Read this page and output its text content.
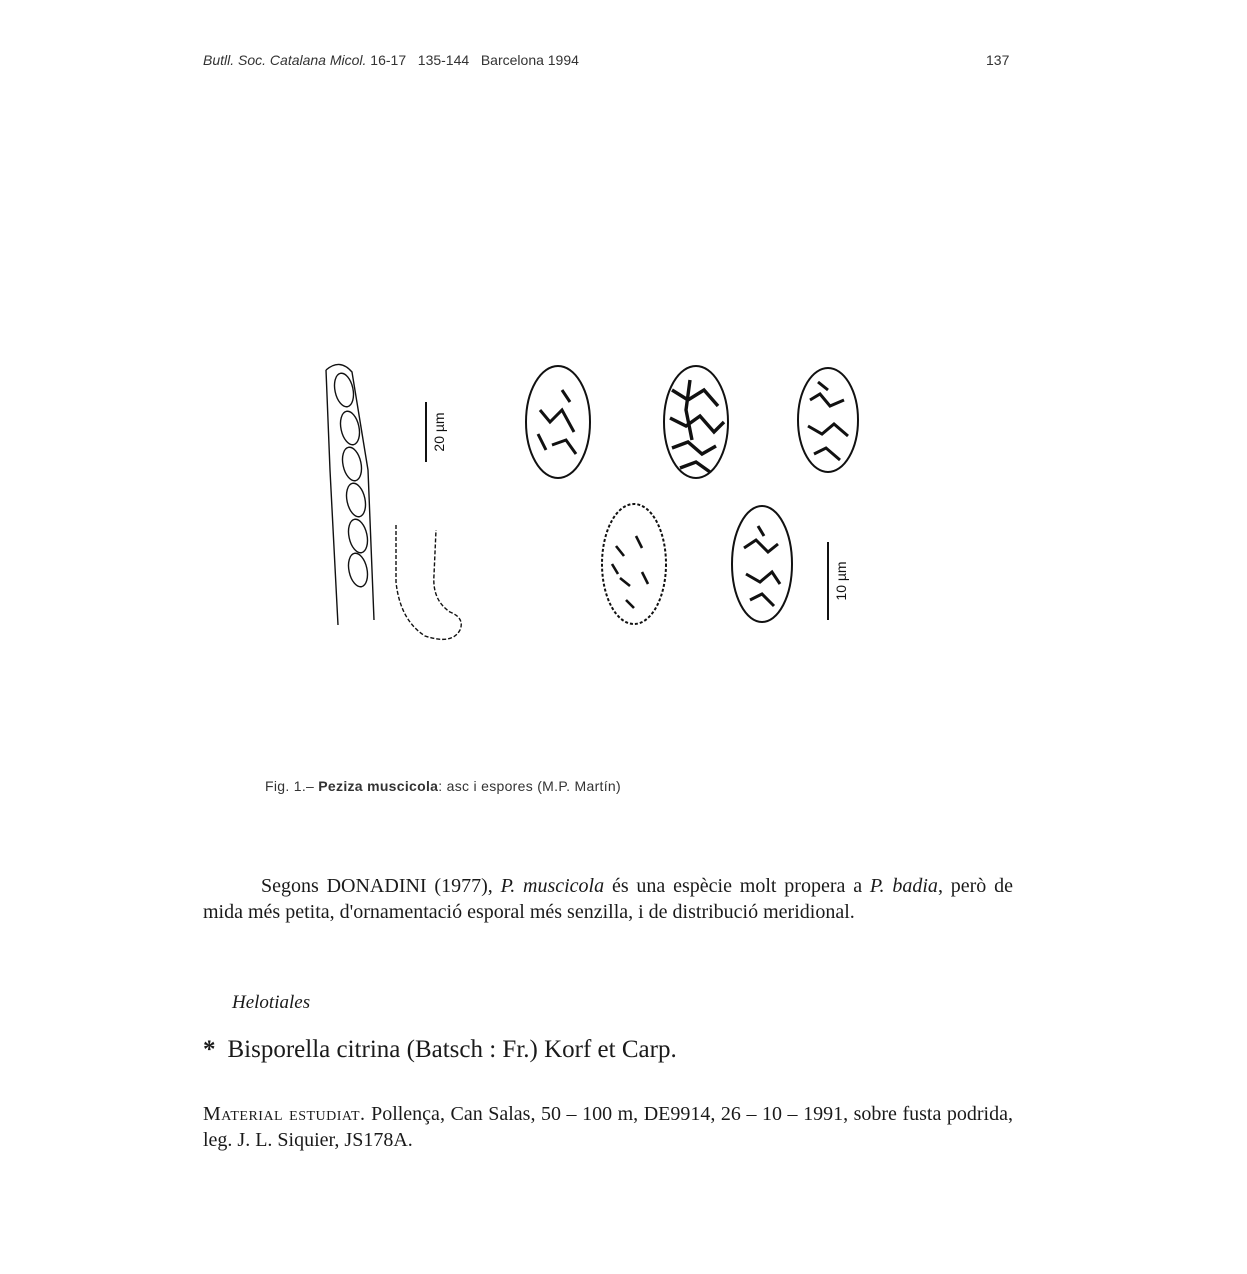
Butll. Soc. Catalana Micol. 16-17 135-144 Barcelona 1994	137
20 µm
10 µm
Fig. 1.– Peziza muscicola: asc i espores (M.P. Martín)
Segons DONADINI (1977), P. muscicola és una espècie molt propera a P. badia, però de mida més petita, d'ornamentació esporal més senzilla, i de distribució meridional.
Helotiales
* Bisporella citrina (Batsch : Fr.) Korf et Carp.
Material estudiat. Pollença, Can Salas, 50 – 100 m, DE9914, 26 – 10 – 1991, sobre fusta podrida, leg. J. L. Siquier, JS178A.
